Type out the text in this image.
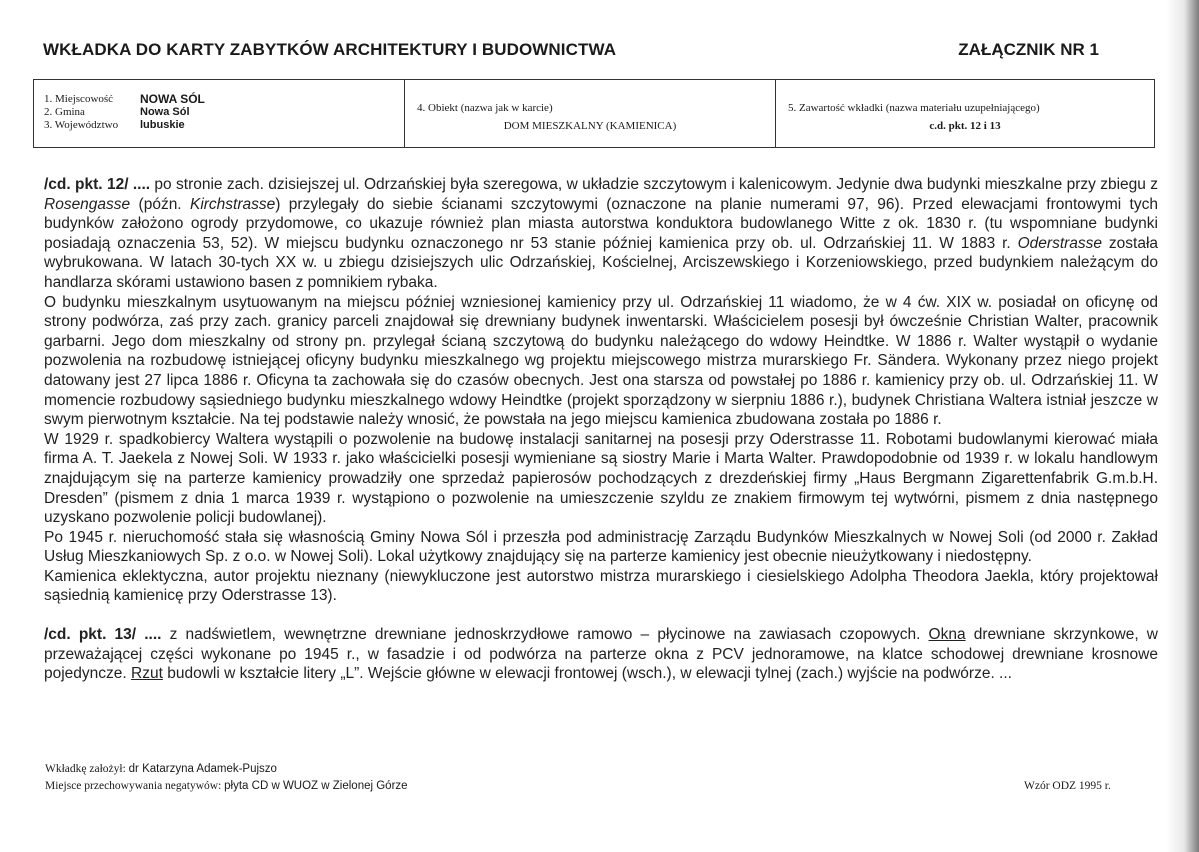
WKŁADKA DO KARTY ZABYTKÓW ARCHITEKTURY I BUDOWNICTWA	ZAŁĄCZNIK NR 1
1. Miejscowość	NOWA SÓL
2. Gmina	Nowa Sól
3. Województwo	lubuskie
4. Obiekt (nazwa jak w karcie)
DOM MIESZKALNY (KAMIENICA)
5. Zawartość wkładki (nazwa materiału uzupełniającego)
c.d. pkt. 12 i 13

/cd. pkt. 12/ .... po stronie zach. dzisiejszej ul. Odrzańskiej była szeregowa, w układzie szczytowym i kalenicowym. Jedynie dwa budynki mieszkalne przy zbiegu z Rosengasse (późn. Kirchstrasse) przylegały do siebie ścianami szczytowymi (oznaczone na planie numerami 97, 96). Przed elewacjami frontowymi tych budynków założono ogrody przydomowe, co ukazuje również plan miasta autorstwa konduktora budowlanego Witte z ok. 1830 r. (tu wspomniane budynki posiadają oznaczenia 53, 52). W miejscu budynku oznaczonego nr 53 stanie później kamienica przy ob. ul. Odrzańskiej 11. W 1883 r. Oderstrasse została wybrukowana. W latach 30-tych XX w. u zbiegu dzisiejszych ulic Odrzańskiej, Kościelnej, Arciszewskiego i Korzeniowskiego, przed budynkiem należącym do handlarza skórami ustawiono basen z pomnikiem rybaka.

O budynku mieszkalnym usytuowanym na miejscu później wzniesionej kamienicy przy ul. Odrzańskiej 11 wiadomo, że w 4 ćw. XIX w. posiadał on oficynę od strony podwórza, zaś przy zach. granicy parceli znajdował się drewniany budynek inwentarski. Właścicielem posesji był ówcześnie Christian Walter, pracownik garbarni. Jego dom mieszkalny od strony pn. przylegał ścianą szczytową do budynku należącego do wdowy Heindtke. W 1886 r. Walter wystąpił o wydanie pozwolenia na rozbudowę istniejącej oficyny budynku mieszkalnego wg projektu miejscowego mistrza murarskiego Fr. Sändera. Wykonany przez niego projekt datowany jest 27 lipca 1886 r. Oficyna ta zachowała się do czasów obecnych. Jest ona starsza od powstałej po 1886 r. kamienicy przy ob. ul. Odrzańskiej 11. W momencie rozbudowy sąsiedniego budynku mieszkalnego wdowy Heindtke (projekt sporządzony w sierpniu 1886 r.), budynek Christiana Waltera istniał jeszcze w swym pierwotnym kształcie. Na tej podstawie należy wnosić, że powstała na jego miejscu kamienica zbudowana została po 1886 r.

W 1929 r. spadkobiercy Waltera wystąpili o pozwolenie na budowę instalacji sanitarnej na posesji przy Oderstrasse 11. Robotami budowlanymi kierować miała firma A. T. Jaekela z Nowej Soli. W 1933 r. jako właścicielki posesji wymieniane są siostry Marie i Marta Walter. Prawdopodobnie od 1939 r. w lokalu handlowym znajdującym się na parterze kamienicy prowadziły one sprzedaż papierosów pochodzących z drezdeńskiej firmy „Haus Bergmann Zigarettenfabrik G.m.b.H. Dresden” (pismem z dnia 1 marca 1939 r. wystąpiono o pozwolenie na umieszczenie szyldu ze znakiem firmowym tej wytwórni, pismem z dnia następnego uzyskano pozwolenie policji budowlanej).

Po 1945 r. nieruchomość stała się własnością Gminy Nowa Sól i przeszła pod administrację Zarządu Budynków Mieszkalnych w Nowej Soli (od 2000 r. Zakład Usług Mieszkaniowych Sp. z o.o. w Nowej Soli). Lokal użytkowy znajdujący się na parterze kamienicy jest obecnie nieużytkowany i niedostępny.

Kamienica eklektyczna, autor projektu nieznany (niewykluczone jest autorstwo mistrza murarskiego i ciesielskiego Adolpha Theodora Jaekla, który projektował sąsiednią kamienicę przy Oderstrasse 13).

/cd. pkt. 13/ .... z nadświetlem, wewnętrzne drewniane jednoskrzydłowe ramowo – płycinowe na zawiasach czopowych. Okna drewniane skrzynkowe, w przeważającej części wykonane po 1945 r., w fasadzie i od podwórza na parterze okna z PCV jednoramowe, na klatce schodowej drewniane krosnowe pojedyncze. Rzut budowli w kształcie litery „L”. Wejście główne w elewacji frontowej (wsch.), w elewacji tylnej (zach.) wyjście na podwórze. ...

Wkładkę założył: dr Katarzyna Adamek-Pujszo
Miejsce przechowywania negatywów: płyta CD w WUOZ w Zielonej Górze	Wzór ODZ 1995 r.
